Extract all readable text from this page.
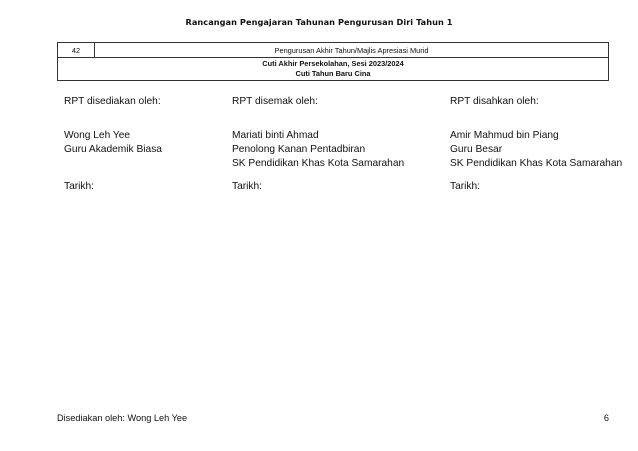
Rancangan Pengajaran Tahunan Pengurusan Diri Tahun 1
42	Pengurusan Akhir Tahun/Majlis Apresiasi Murid

Cuti Akhir Persekolahan, Sesi 2023/2024
Cuti Tahun Baru Cina
RPT disediakan oleh:
Wong Leh Yee
Guru Akademik Biasa
Tarikh:
RPT disemak oleh:
Mariati binti Ahmad
Penolong Kanan Pentadbiran
SK Pendidikan Khas Kota Samarahan
Tarikh:
RPT disahkan oleh:
Amir Mahmud bin Piang
Guru Besar
SK Pendidikan Khas Kota Samarahan
Tarikh:
Disediakan oleh: Wong Leh Yee	6
